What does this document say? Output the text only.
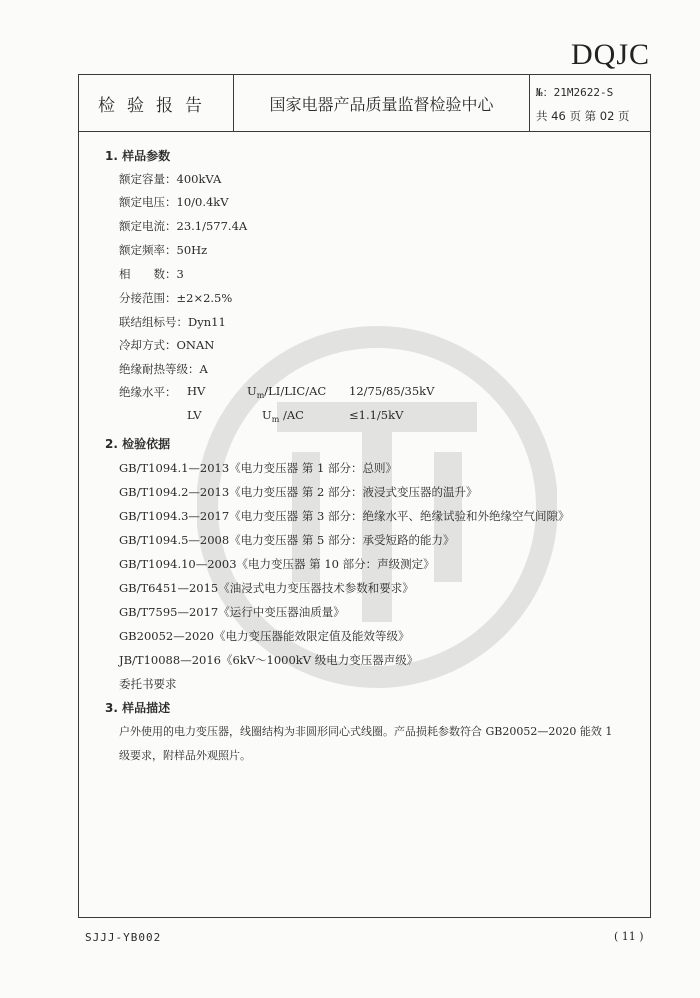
DQJC
检验报告	国家电器产品质量监督检验中心
№：21M2622-S
共 46 页 第 02 页
1. 样品参数
额定容量：400kVA
额定电压：10/0.4kV
额定电流：23.1/577.4A
额定频率：50Hz
相　　数：3
分接范围：±2×2.5%
联结组标号：Dyn11
冷却方式：ONAN
绝缘耐热等级：A
绝缘水平： HV	$U_m/LI/LIC/AC$ 12/75/85/35kV
LV	$U_m$ /AC	≤1.1/5kV
2. 检验依据
GB/T1094.1—2013《电力变压器 第 1 部分：总则》
GB/T1094.2—2013《电力变压器 第 2 部分：液浸式变压器的温升》
GB/T1094.3—2017《电力变压器 第 3 部分：绝缘水平、绝缘试验和外绝缘空气间隙》
GB/T1094.5—2008《电力变压器 第 5 部分：承受短路的能力》
GB/T1094.10—2003《电力变压器 第 10 部分：声级测定》
GB/T6451—2015《油浸式电力变压器技术参数和要求》
GB/T7595—2017《运行中变压器油质量》
GB20052—2020《电力变压器能效限定值及能效等级》
JB/T10088—2016《6kV～1000kV 级电力变压器声级》
委托书要求
3. 样品描述
户外使用的电力变压器，线圈结构为非圆形同心式线圈。产品损耗参数符合 GB20052—2020 能效 1
级要求，附样品外观照片。
SJJJ-YB002	( 11 )
